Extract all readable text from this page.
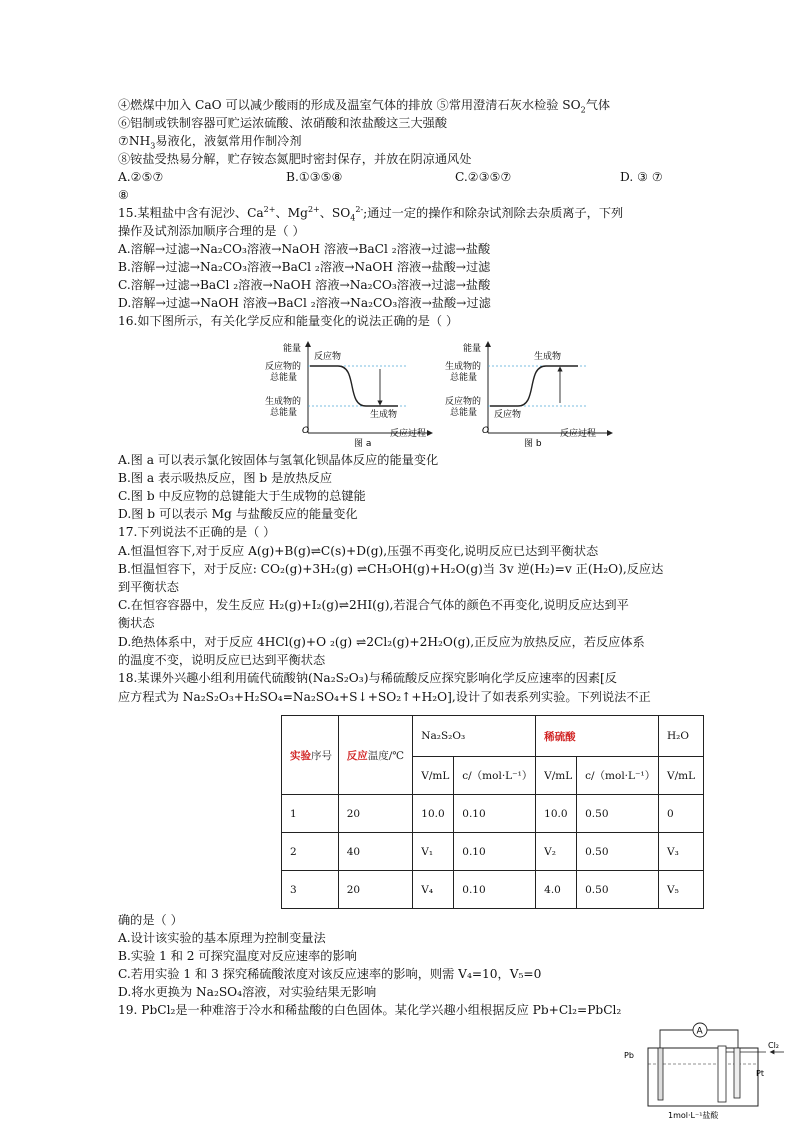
④燃煤中加入 CaO 可以减少酸雨的形成及温室气体的排放 ⑤常用澄清石灰水检验 $SO_2$气体
⑥铝制或铁制容器可贮运浓硫酸、浓硝酸和浓盐酸这三大强酸
$⑦NH_3$易液化，液氨常用作制冷剂
⑧铵盐受热易分解，贮存铵态氮肥时密封保存，并放在阴凉通风处
A.②⑤⑦	B.①③⑤⑧	C.②③⑤⑦	D. ③ ⑦
⑧
15.某粗盐中含有泥沙、$Ca^{2+}$、$Mg^{2+}$、$SO_4^{2-}$;通过一定的操作和除杂试剂除去杂质离子，下列
操作及试剂添加顺序合理的是（ ）
A.溶解→过滤→Na₂CO₃溶液→NaOH 溶液→BaCl ₂溶液→过滤→盐酸
B.溶解→过滤→Na₂CO₃溶液→BaCl ₂溶液→NaOH 溶液→盐酸→过滤
C.溶解→过滤→BaCl ₂溶液→NaOH 溶液→Na₂CO₃溶液→过滤→盐酸
D.溶解→过滤→NaOH 溶液→BaCl ₂溶液→Na₂CO₃溶液→盐酸→过滤
16.如下图所示，有关化学反应和能量变化的说法正确的是（ ）
能量
反应物
反应物的
总能量
生成物的
总能量	生成物
O	反应过程
图 a
能量
生成物
生成物的
总能量
反应物的
总能量 反应物
O	反应过程
图 b
A.图 a 可以表示氯化铵固体与氢氧化钡晶体反应的能量变化
B.图 a 表示吸热反应，图 b 是放热反应
C.图 b 中反应物的总键能大于生成物的总键能
D.图 b 可以表示 Mg 与盐酸反应的能量变化
17.下列说法不正确的是（ ）
A.恒温恒容下,对于反应 A(g)+B(g)⇌C(s)+D(g),压强不再变化,说明反应已达到平衡状态
B.恒温恒容下，对于反应: CO₂(g)+3H₂(g) ⇌CH₃OH(g)+H₂O(g)当 3v 逆(H₂)=v 正(H₂O),反应达
到平衡状态
C.在恒容容器中，发生反应 H₂(g)+I₂(g)⇌2HI(g),若混合气体的颜色不再变化,说明反应达到平
衡状态
D.绝热体系中，对于反应 4HCl(g)+O ₂(g) ⇌2Cl₂(g)+2H₂O(g),正反应为放热反应，若反应体系
的温度不变，说明反应已达到平衡状态
18.某课外兴趣小组利用硫代硫酸钠(Na₂S₂O₃)与稀硫酸反应探究影响化学反应速率的因素[反
应方程式为 Na₂S₂O₃+H₂SO₄=Na₂SO₄+S↓+SO₂↑+H₂O],设计了如表系列实验。下列说法不正
实验序号	反应温度/℃	Na₂S₂O₃		稀硫酸		H₂O
		V/mL	c/（mol·L⁻¹）	V/mL	c/（mol·L⁻¹）	V/mL
1	20	10.0	0.10	10.0	0.50	0
2	40	V₁	0.10	V₂	0.50	V₃
3	20	V₄	0.10	4.0	0.50	V₅
确的是（ ）
A.设计该实验的基本原理为控制变量法
B.实验 1 和 2 可探究温度对反应速率的影响
C.若用实验 1 和 3 探究稀硫酸浓度对该反应速率的影响，则需 V₄=10，V₅=0
D.将水更换为 Na₂SO₄溶液，对实验结果无影响
19. PbCl₂是一种难溶于冷水和稀盐酸的白色固体。某化学兴趣小组根据反应 Pb+Cl₂=PbCl₂
A
Pb
Cl₂
Pt
1mol·L⁻¹盐酸
